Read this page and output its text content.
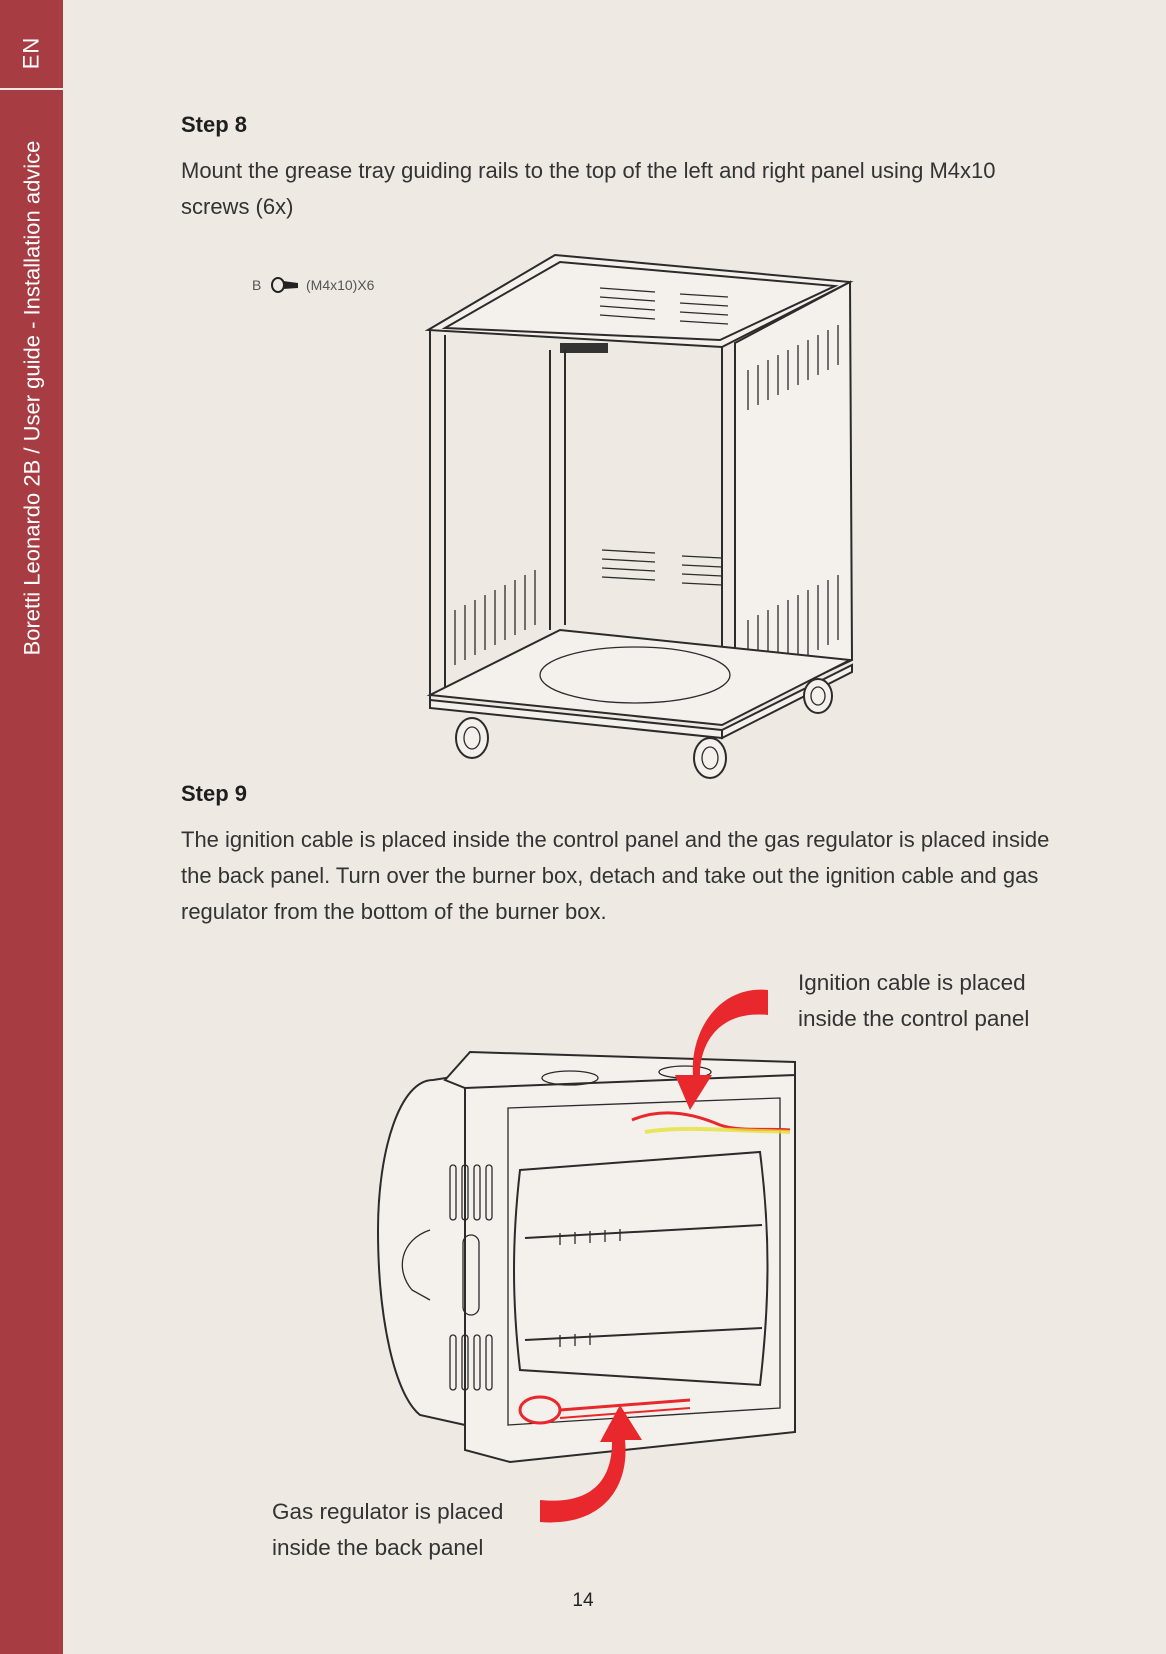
EN
Boretti Leonardo 2B / User guide - Installation advice
Step 8

Mount the grease tray guiding rails to the top of the left and right panel using M4x10 screws (6x)

B	(M4x10)X6
Step 9

The ignition cable is placed inside the control panel and the gas regulator is placed inside the back panel. Turn over the burner box, detach and take out the ignition cable and gas regulator from the bottom of the burner box.

Ignition cable is placed
inside the control panel
Gas regulator is placed
inside the back panel
14
